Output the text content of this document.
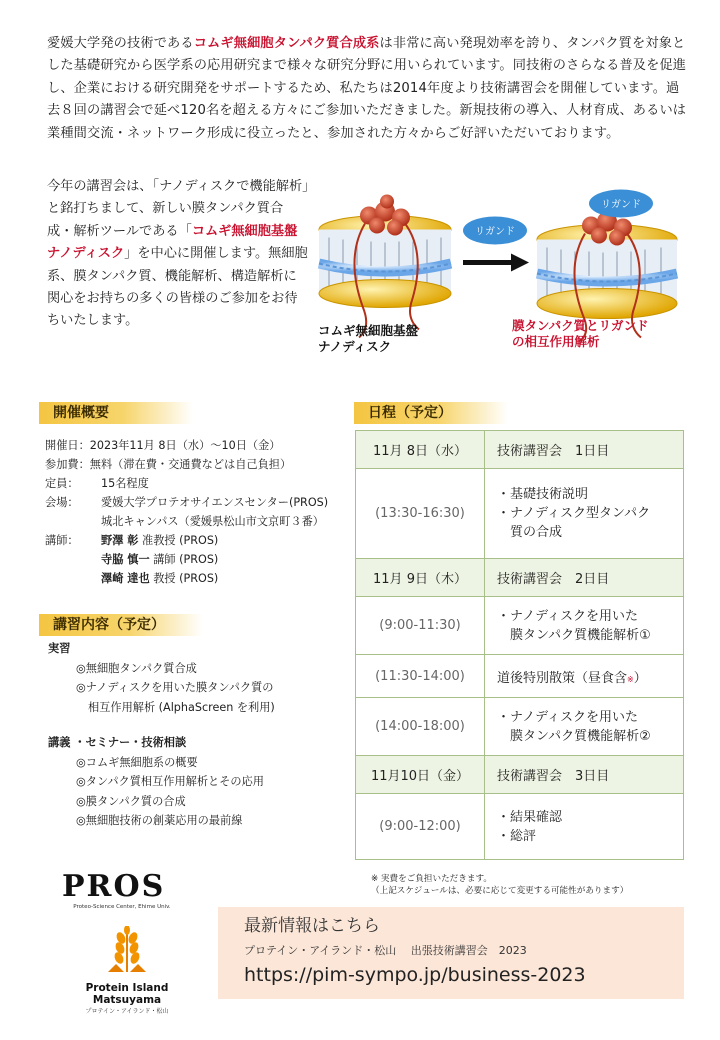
愛媛大学発の技術であるコムギ無細胞タンパク質合成系は非常に高い発現効率を誇り、タンパク質を対象とした基礎研究から医学系の応用研究まで様々な研究分野に用いられています。同技術のさらなる普及を促進し、企業における研究開発をサポートするため、私たちは2014年度より技術講習会を開催しています。過去８回の講習会で延べ120名を超える方々にご参加いただきました。新規技術の導入、人材育成、あるいは業種間交流・ネットワーク形成に役立ったと、参加された方々からご好評いただいております。
今年の講習会は、「ナノディスクで機能解析」と銘打ちまして、新しい膜タンパク質合成・解析ツールである「コムギ無細胞基盤ナノディスク」を中心に開催します。無細胞系、膜タンパク質、機能解析、構造解析に関心をお持ちの多くの皆様のご参加をお待ちいたします。
リガンド
リガンド
コムギ無細胞基盤
ナノディスク
膜タンパク質とリガンド
の相互作用解析
開催概要
開催日： 2023年11月 8日（水）～10日（金）
参加費： 無料（滞在費・交通費などは自己負担）
定員：	15名程度
会場：	愛媛大学プロテオサイエンスセンター(PROS)
城北キャンパス（愛媛県松山市文京町３番）
講師：	野澤 彰 准教授 (PROS)
寺脇 慎一 講師 (PROS)
澤崎 達也 教授 (PROS)
講習内容（予定）
実習
◎無細胞タンパク質合成
◎ナノディスクを用いた膜タンパク質の
相互作用解析 (AlphaScreen を利用)
講義 ・セミナー・技術相談
◎コムギ無細胞系の概要
◎タンパク質相互作用解析とその応用
◎膜タンパク質の合成
◎無細胞技術の創薬応用の最前線
日程（予定）
11月 8日（水）	技術講習会　1日目
(13:30-16:30)	・基礎技術説明
・ナノディスク型タンパク
質の合成

11月 9日（木）	技術講習会　2日目
(9:00-11:30)	・ナノディスクを用いた
膜タンパク質機能解析①

(11:30-14:00)	道後特別散策（昼食含※）
(14:00-18:00)	・ナノディスクを用いた
膜タンパク質機能解析②

11月10日（金）	技術講習会　3日目
(9:00-12:00)	・結果確認
・総評
※ 実費をご負担いただきます。
（上記スケジュールは、必要に応じて変更する可能性があります）
PROS
Proteo-Science Center, Ehime Univ.
Protein Island Matsuyama
プロテイン・アイランド・松山
最新情報はこちら
プロテイン・アイランド・松山　 出張技術講習会　2023
https://pim-sympo.jp/business-2023
